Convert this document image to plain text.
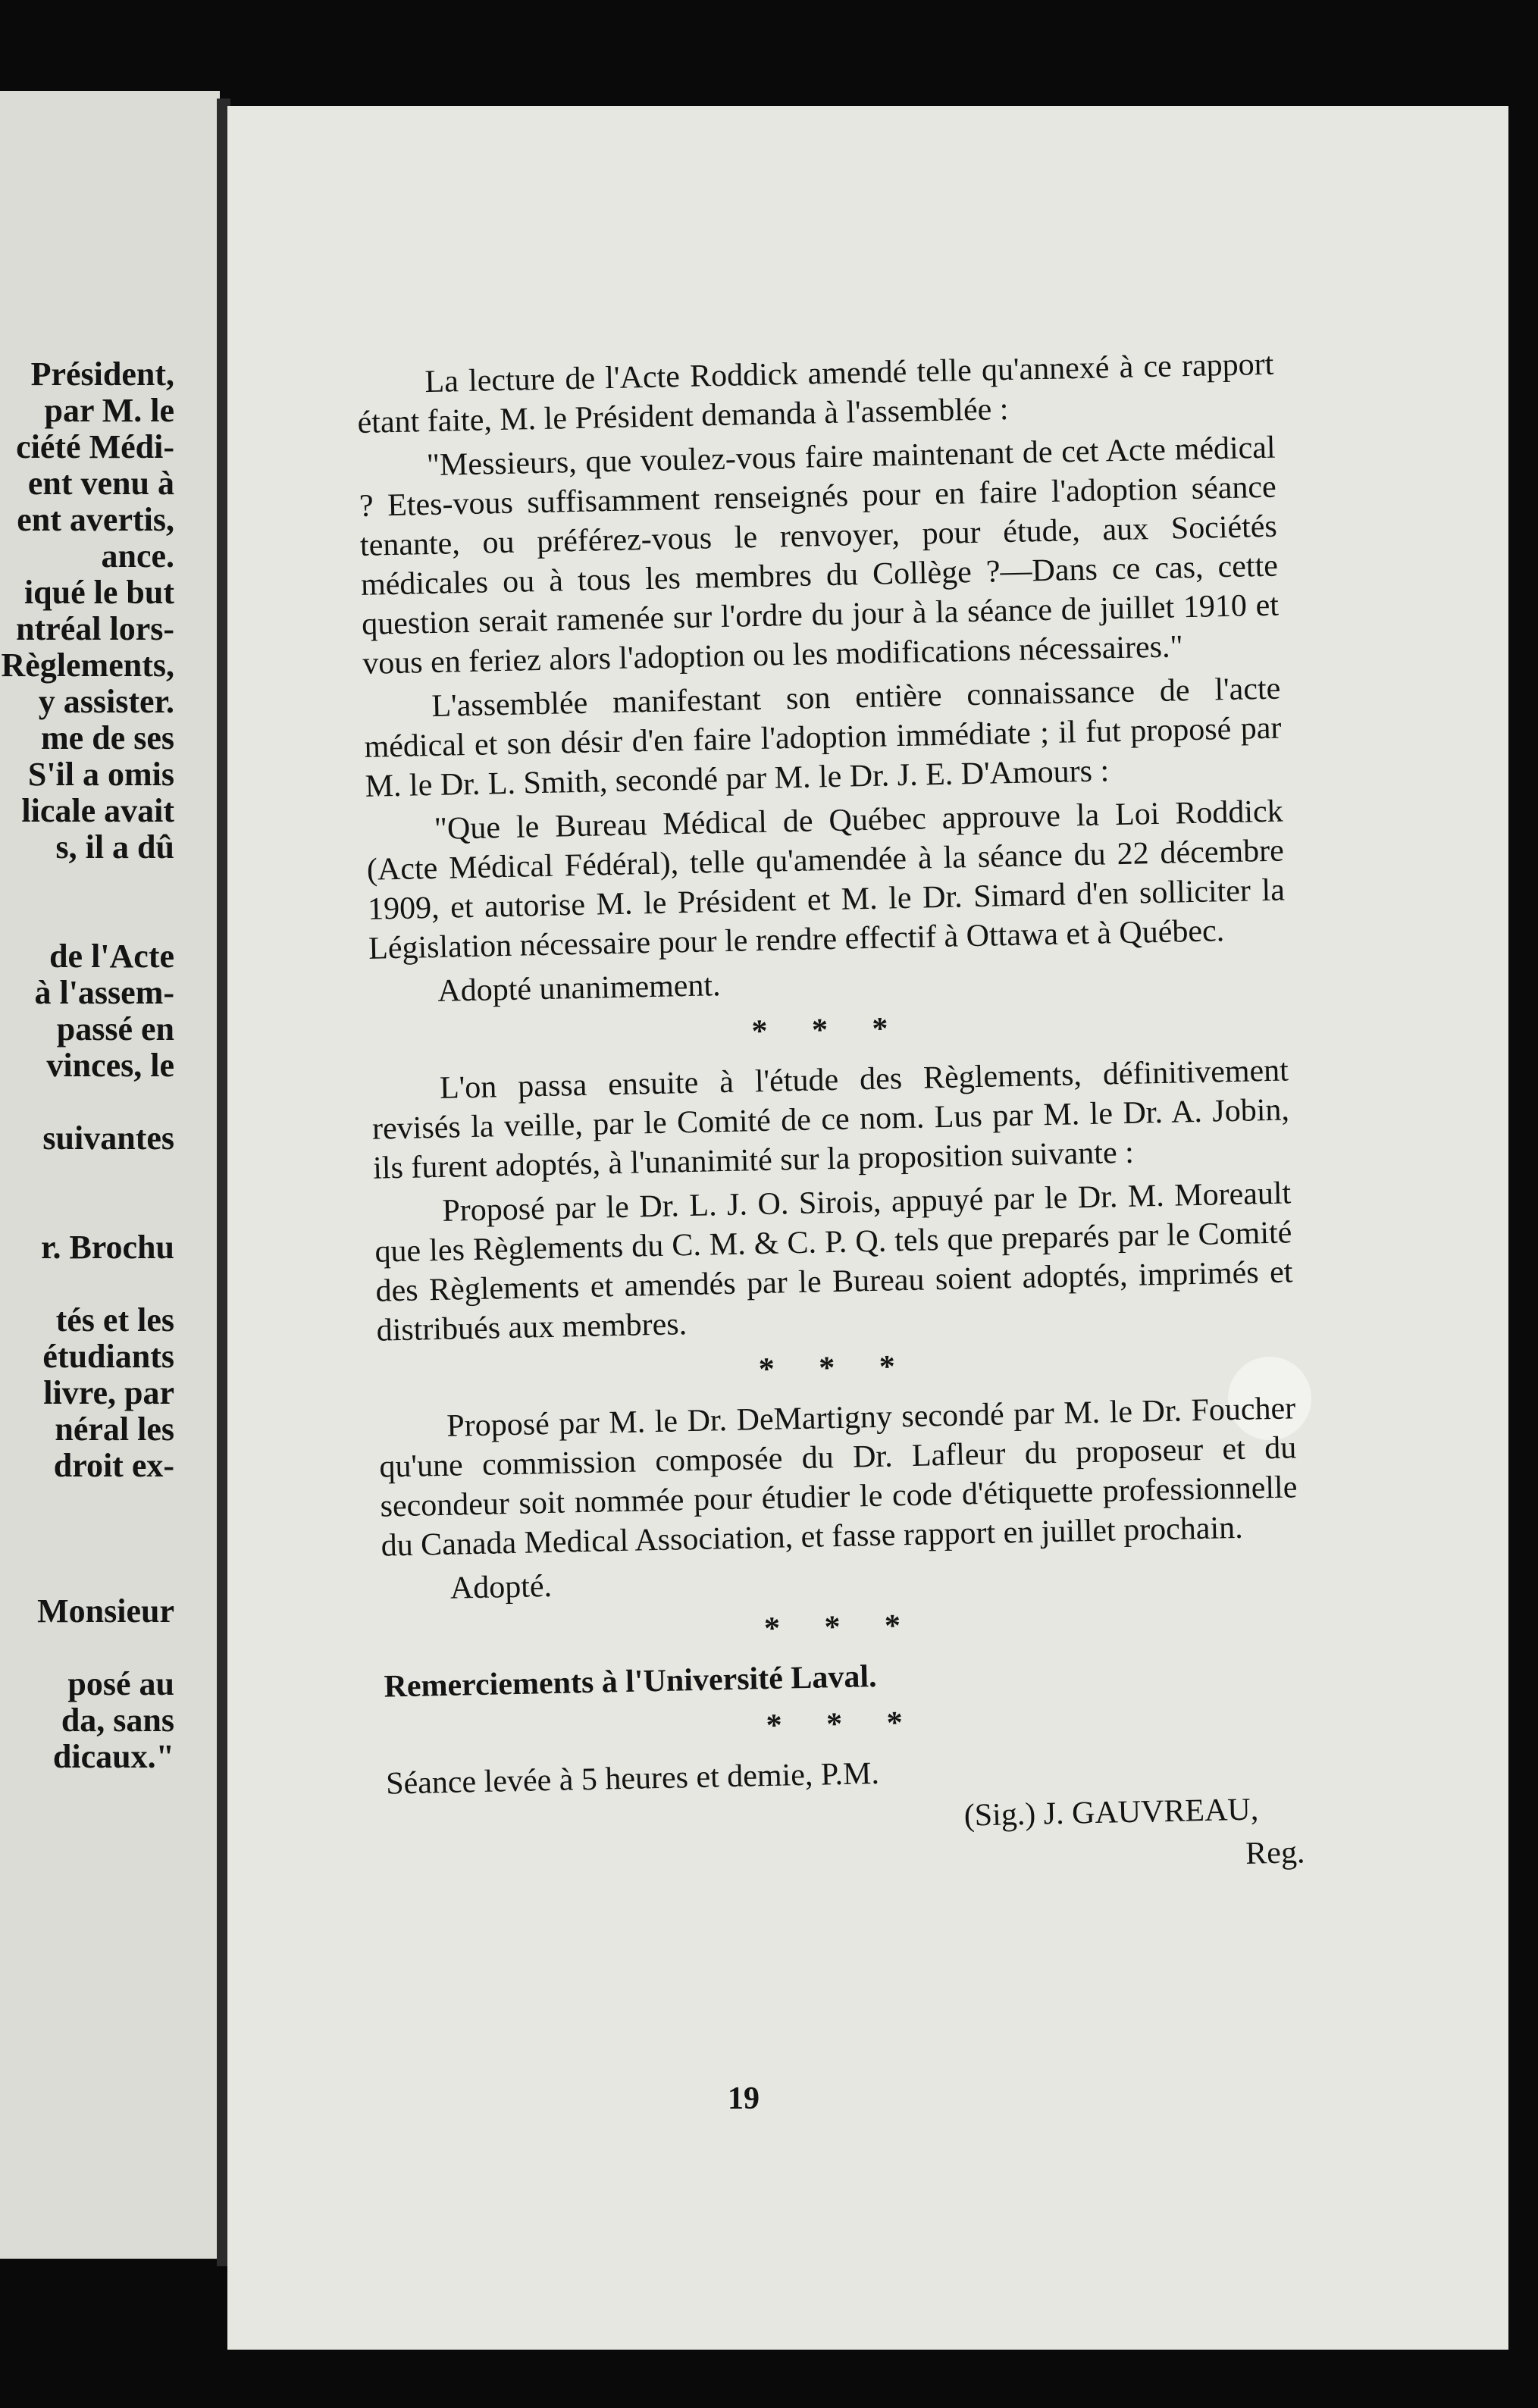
Président,
par M. le
ciété Médi-
ent venu à
ent avertis,
ance.
iqué le but
ntréal lors-
Règlements,
y assister.
me de ses
S'il a omis
licale avait
s, il a dû
de l'Acte
à l'assem-
passé en
vinces, le
suivantes
r. Brochu
tés et les
étudiants
livre, par
néral les
droit ex-
Monsieur
posé au
da, sans
dicaux."

La lecture de l'Acte Roddick amendé telle qu'annexé à ce rapport étant faite, M. le Président demanda à l'assemblée :

"Messieurs, que voulez-vous faire maintenant de cet Acte médical ? Etes-vous suffisamment renseignés pour en faire l'adoption séance tenante, ou préférez-vous le renvoyer, pour étude, aux Sociétés médicales ou à tous les membres du Collège ?—Dans ce cas, cette question serait ramenée sur l'ordre du jour à la séance de juillet 1910 et vous en feriez alors l'adoption ou les modifications nécessaires."

L'assemblée manifestant son entière connaissance de l'acte médical et son désir d'en faire l'adoption immédiate ; il fut proposé par M. le Dr. L. Smith, secondé par M. le Dr. J. E. D'Amours :

"Que le Bureau Médical de Québec approuve la Loi Roddick (Acte Médical Fédéral), telle qu'amendée à la séance du 22 décembre 1909, et autorise M. le Président et M. le Dr. Simard d'en solliciter la Législation nécessaire pour le rendre effectif à Ottawa et à Québec.

Adopté unanimement.

* * *

L'on passa ensuite à l'étude des Règlements, définitivement revisés la veille, par le Comité de ce nom. Lus par M. le Dr. A. Jobin, ils furent adoptés, à l'unanimité sur la proposition suivante :

Proposé par le Dr. L. J. O. Sirois, appuyé par le Dr. M. Moreault que les Règlements du C. M. & C. P. Q. tels que preparés par le Comité des Règlements et amendés par le Bureau soient adoptés, imprimés et distribués aux membres.

* * *

Proposé par M. le Dr. DeMartigny secondé par M. le Dr. Foucher qu'une commission composée du Dr. Lafleur du proposeur et du secondeur soit nommée pour étudier le code d'étiquette professionnelle du Canada Medical Association, et fasse rapport en juillet prochain.

Adopté.

* * *

Remerciements à l'Université Laval.

* * *

Séance levée à 5 heures et demie, P.M.

(Sig.) J. GAUVREAU,

Reg.

19
